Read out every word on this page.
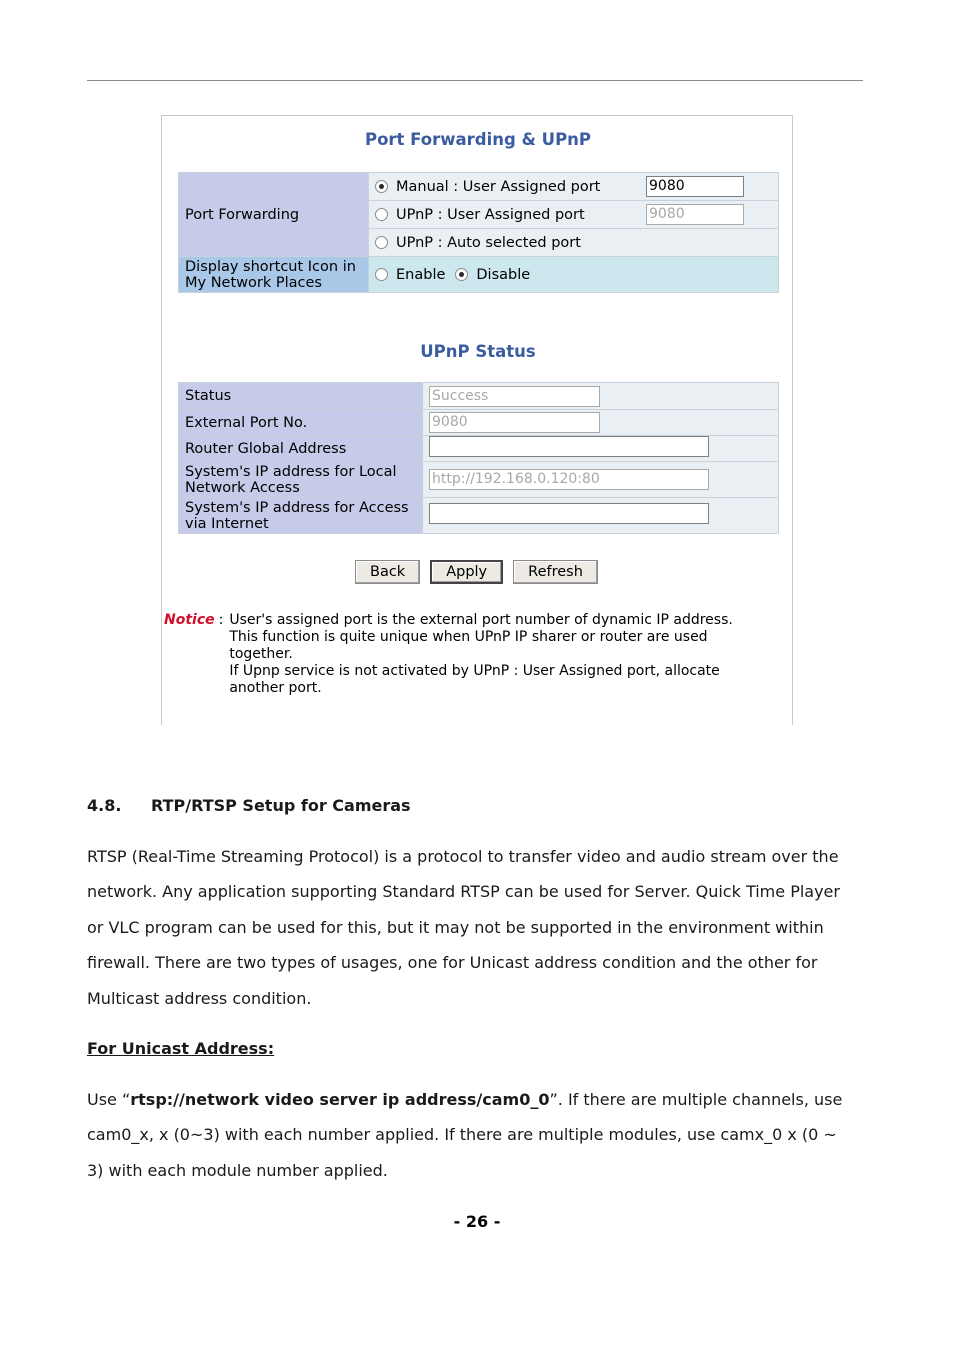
Port Forwarding & UPnP
Port Forwarding	Manual : User Assigned port 9080

	UPnP : User Assigned port 9080

	UPnP : Auto selected port

Display shortcut Icon in My Network Places	Enable Disable
UPnP Status
Status	Success
External Port No.	9080
Router Global Address	
System's IP address for Local Network Access	http://192.168.0.120:80
System's IP address for Access via Internet	
Back	Apply	Refresh
Notice : User's assigned port is the external port number of dynamic IP address.
This function is quite unique when UPnP IP sharer or router are used
together.
If Upnp service is not activated by UPnP : User Assigned port, allocate
another port.
4.8. RTP/RTSP Setup for Cameras
RTSP (Real-Time Streaming Protocol) is a protocol to transfer video and audio stream over the network. Any application supporting Standard RTSP can be used for Server. Quick Time Player or VLC program can be used for this, but it may not be supported in the environment within firewall. There are two types of usages, one for Unicast address condition and the other for Multicast address condition.
For Unicast Address:
Use “rtsp://network video server ip address/cam0_0”. If there are multiple channels, use cam0_x, x (0~3) with each number applied. If there are multiple modules, use camx_0 x (0 ~ 3) with each module number applied.
- 26 -
